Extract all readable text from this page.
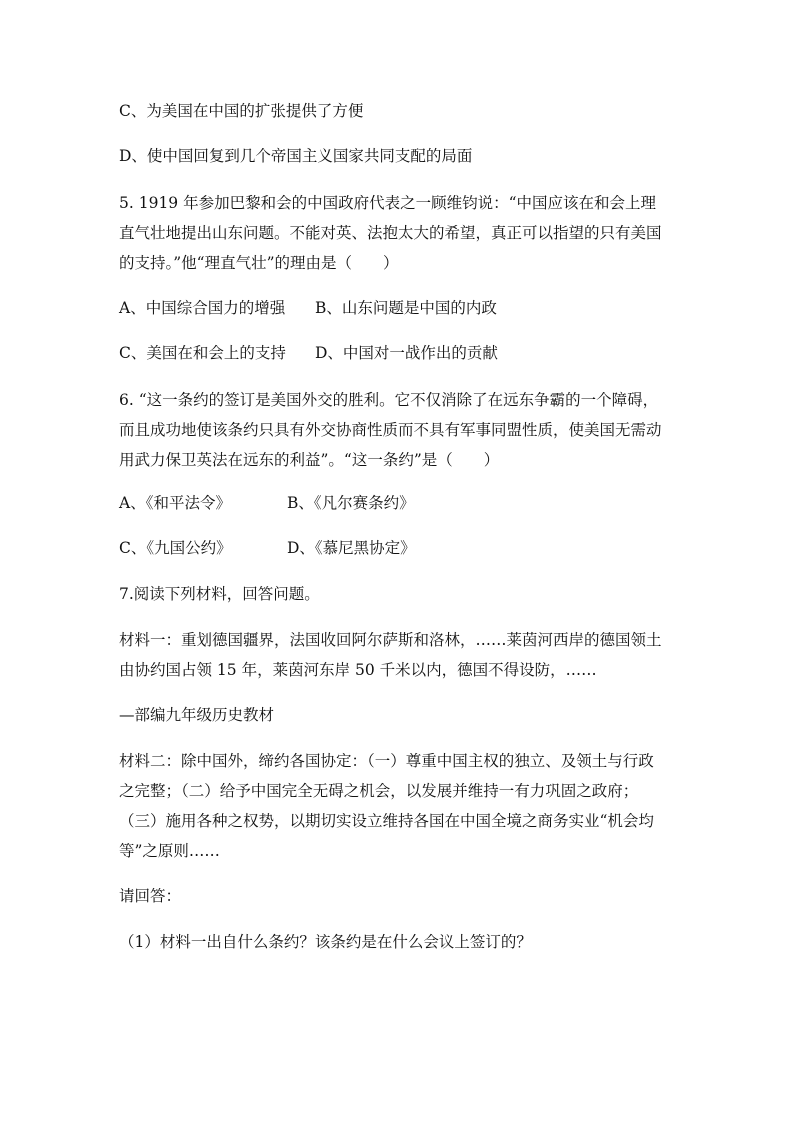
C、为美国在中国的扩张提供了方便
D、使中国回复到几个帝国主义国家共同支配的局面
5. 1919 年参加巴黎和会的中国政府代表之一顾维钧说：“中国应该在和会上理
直气壮地提出山东问题。不能对英、法抱太大的希望，真正可以指望的只有美国
的支持。”他“理直气壮”的理由是（　　）
A、中国综合国力的增强	B、山东问题是中国的内政
C、美国在和会上的支持	D、中国对一战作出的贡献
6. “这一条约的签订是美国外交的胜利。它不仅消除了在远东争霸的一个障碍，
而且成功地使该条约只具有外交协商性质而不具有军事同盟性质，使美国无需动
用武力保卫英法在远东的利益”。“这一条约”是（　　）
A、《和平法令》	B、《凡尔赛条约》
C、《九国公约》	D、《慕尼黑协定》
7.阅读下列材料，回答问题。
材料一：重划德国疆界，法国收回阿尔萨斯和洛林，……莱茵河西岸的德国领土
由协约国占领 15 年，莱茵河东岸 50 千米以内，德国不得设防，……
—部编九年级历史教材
材料二：除中国外，缔约各国协定：（一）尊重中国主权的独立、及领土与行政
之完整；（二）给予中国完全无碍之机会，以发展并维持一有力巩固之政府；
（三）施用各种之权势，以期切实设立维持各国在中国全境之商务实业“机会均
等”之原则……
请回答：
（1）材料一出自什么条约？该条约是在什么会议上签订的？
